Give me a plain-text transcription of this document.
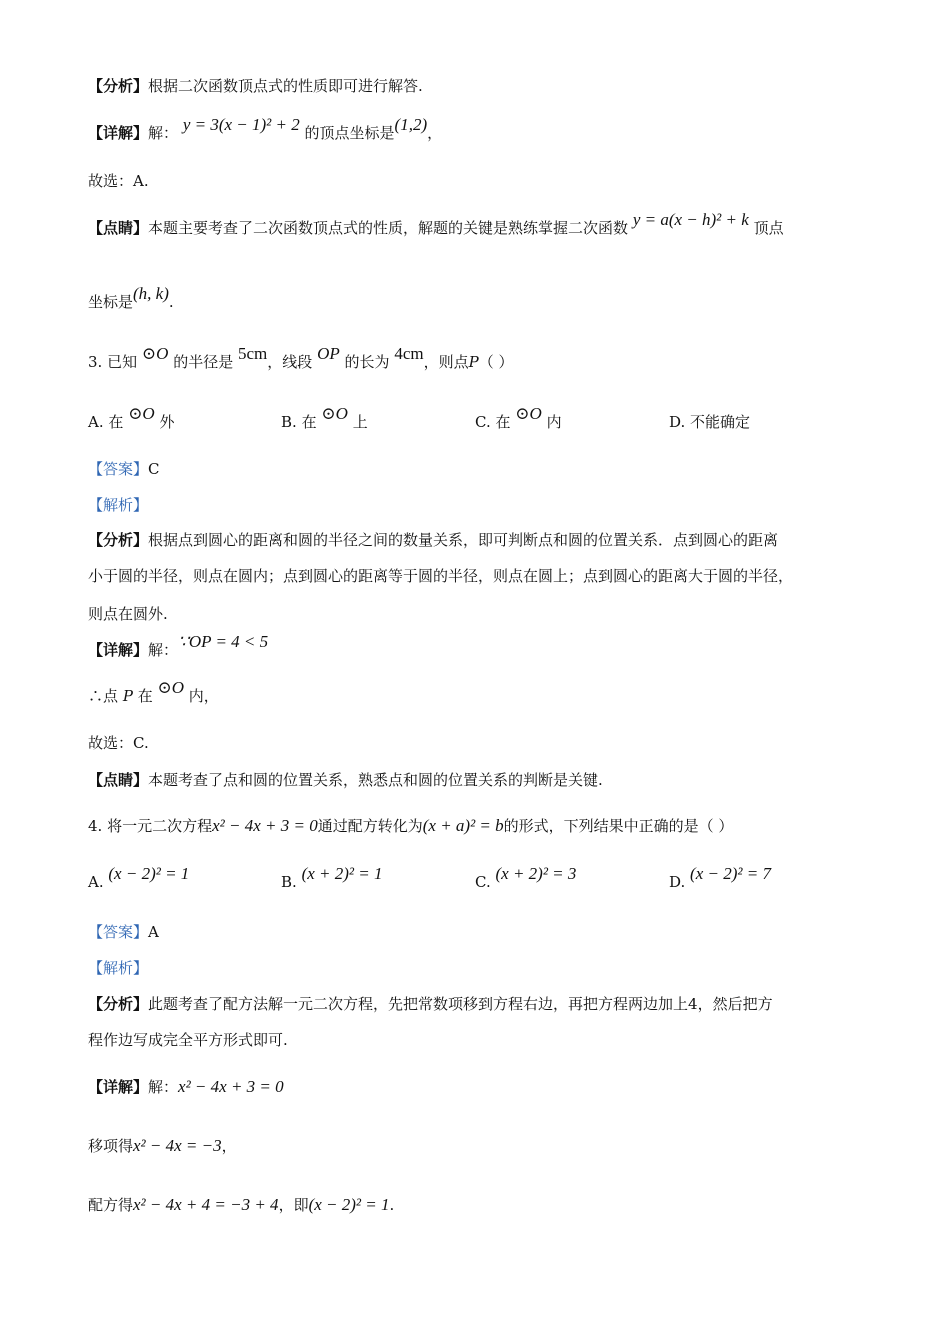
【分析】根据二次函数顶点式的性质即可进行解答.
【详解】解： y = 3(x − 1)² + 2 的顶点坐标是(1,2)，
故选：A.
【点睛】本题主要考查了二次函数顶点式的性质，解题的关键是熟练掌握二次函数 y = a(x − h)² + k 顶点
坐标是(h, k).
3. 已知 ⊙O 的半径是 5cm，线段 OP 的长为 4cm，则点P（ ）
A. 在 ⊙O 外	B. 在 ⊙O 上	C. 在 ⊙O 内	D. 不能确定
【答案】C
【解析】
【分析】根据点到圆心的距离和圆的半径之间的数量关系，即可判断点和圆的位置关系．点到圆心的距离
小于圆的半径，则点在圆内；点到圆心的距离等于圆的半径，则点在圆上；点到圆心的距离大于圆的半径，
则点在圆外.
【详解】解：∵OP = 4 < 5
∴点 P 在 ⊙O 内，
故选：C.
【点睛】本题考查了点和圆的位置关系，熟悉点和圆的位置关系的判断是关键.
4. 将一元二次方程x² − 4x + 3 = 0通过配方转化为(x + a)² = b的形式，下列结果中正确的是（ ）
A. (x − 2)² = 1	B. (x + 2)² = 1	C. (x + 2)² = 3	D. (x − 2)² = 7
【答案】A
【解析】
【分析】此题考查了配方法解一元二次方程，先把常数项移到方程右边，再把方程两边加上4，然后把方
程作边写成完全平方形式即可.
【详解】解：x² − 4x + 3 = 0
移项得x² − 4x = −3，
配方得x² − 4x + 4 = −3 + 4，即(x − 2)² = 1.
